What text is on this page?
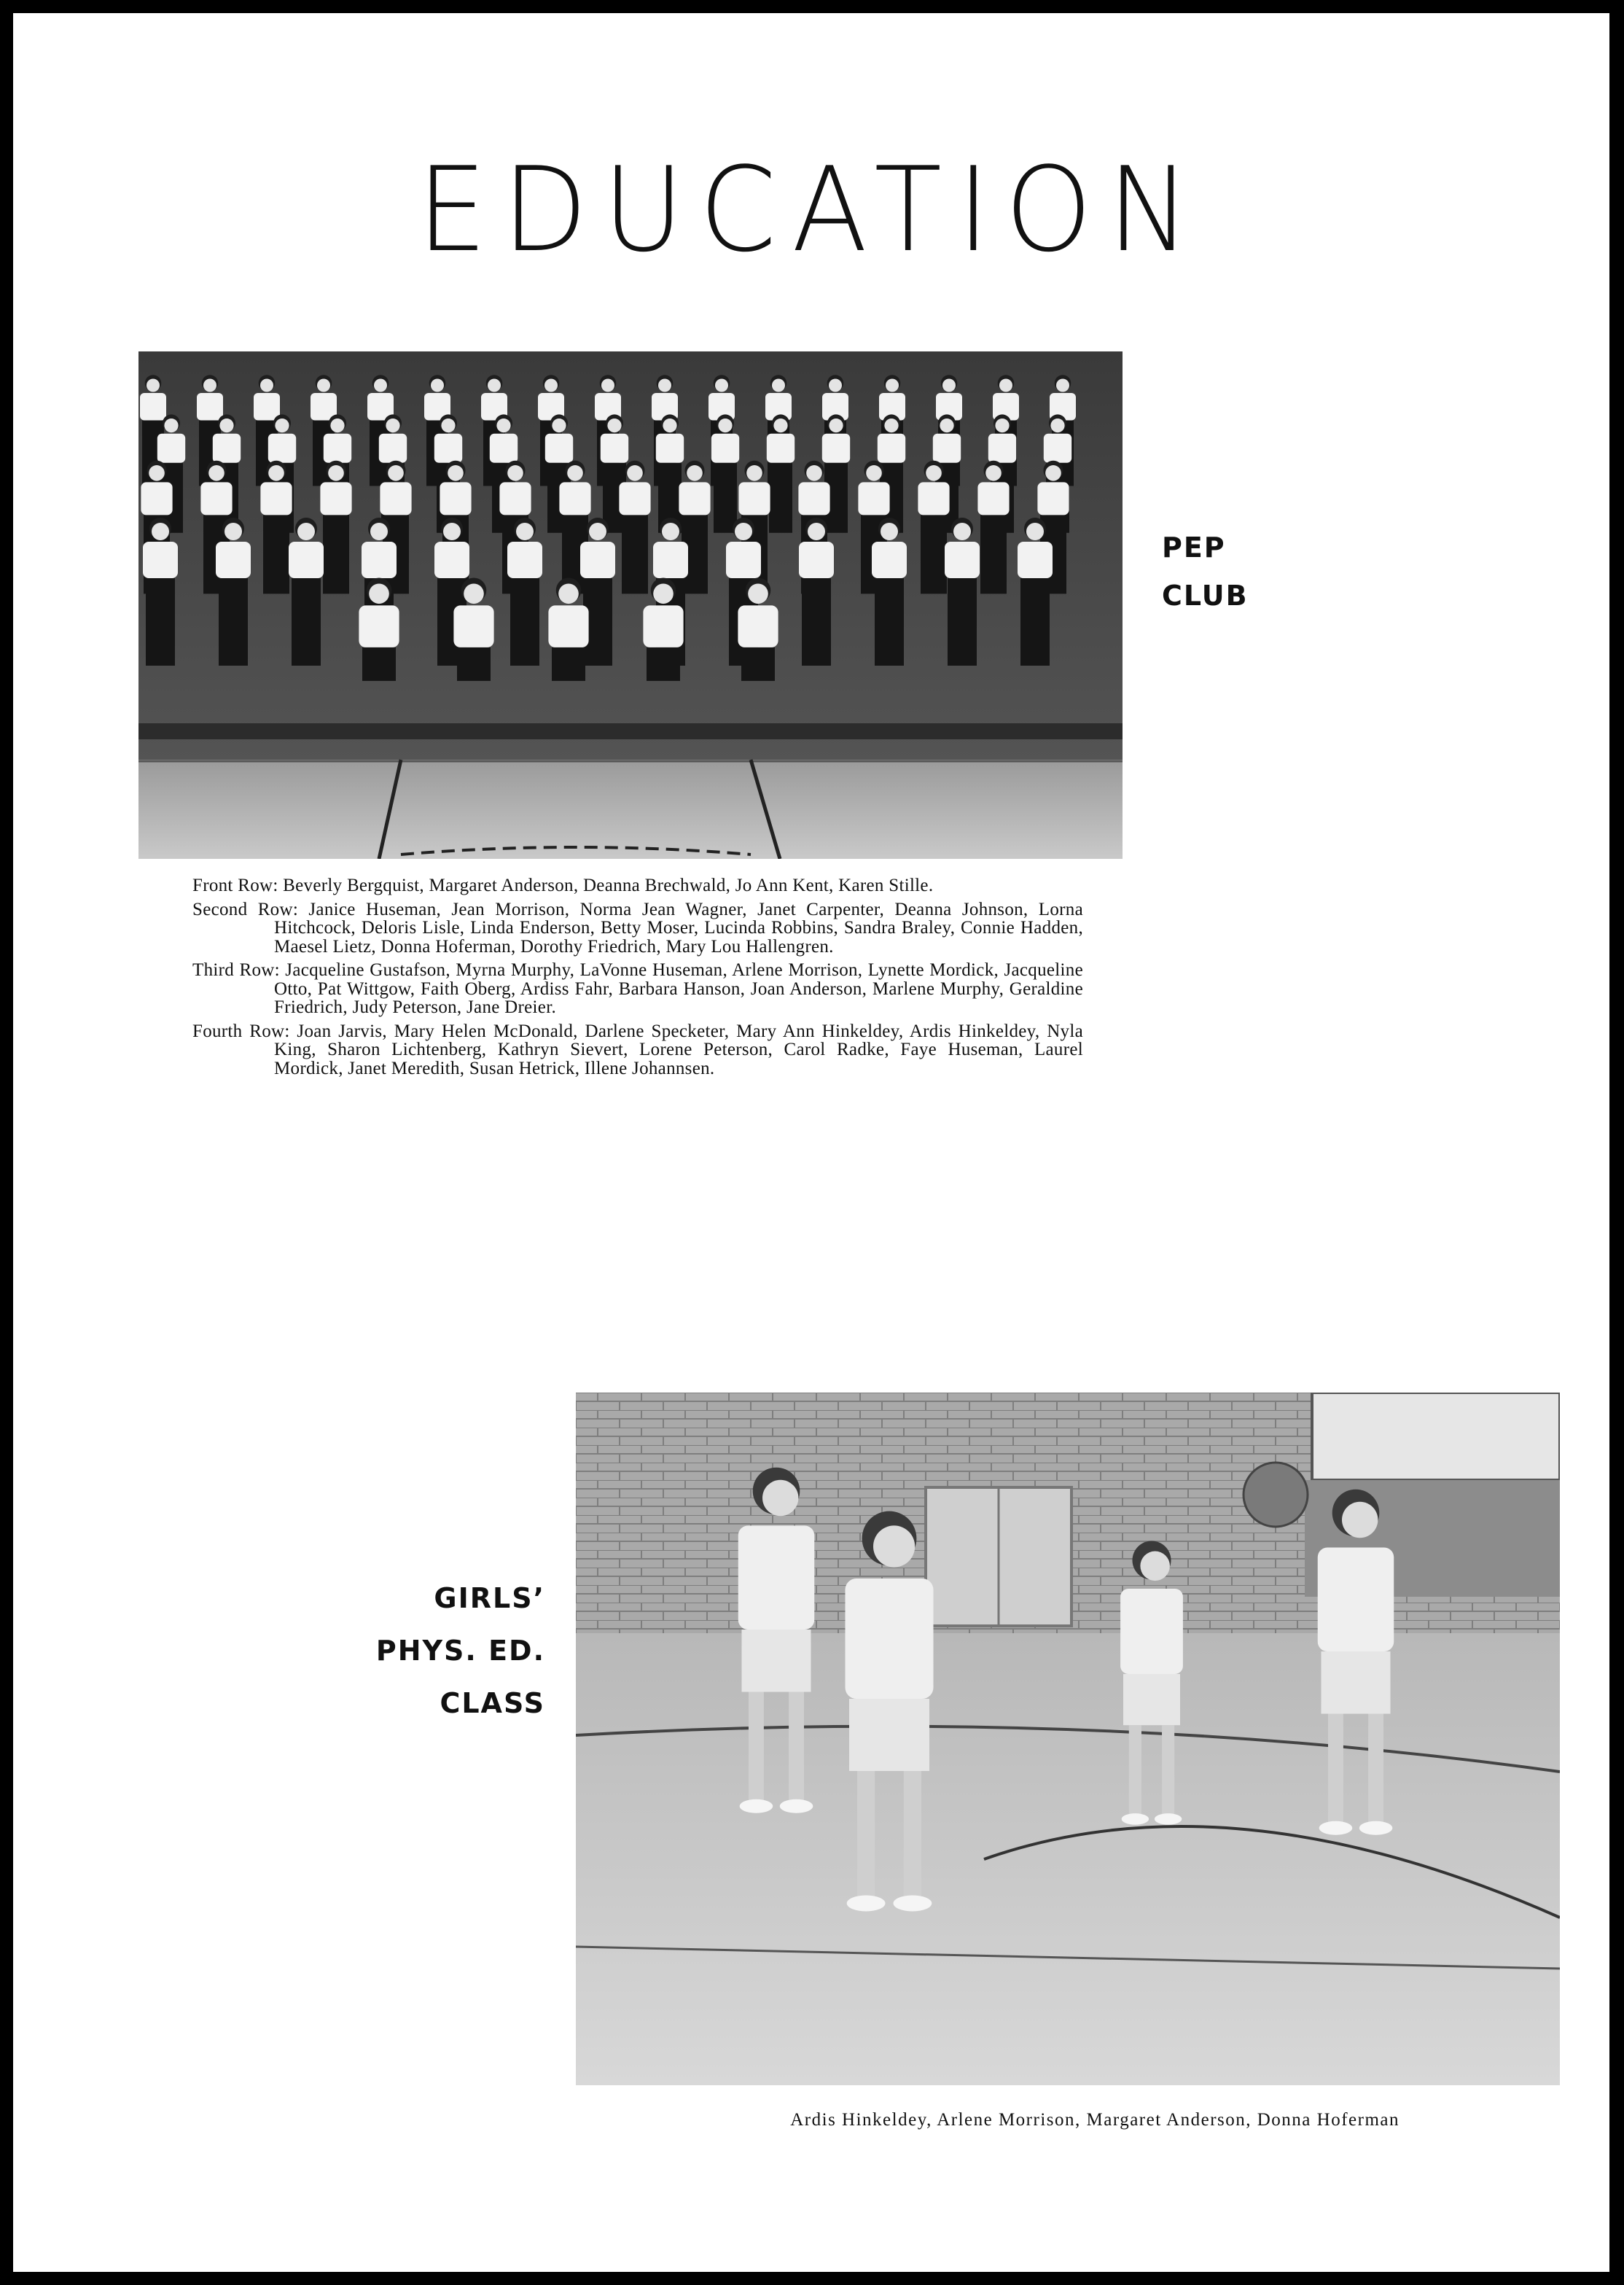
EDUCATION
PEP
CLUB

Front Row: Beverly Bergquist, Margaret Anderson, Deanna Brechwald, Jo Ann Kent, Karen Stille.

Second Row: Janice Huseman, Jean Morrison, Norma Jean Wagner, Janet Carpenter, Deanna Johnson, Lorna Hitchcock, Deloris Lisle, Linda Enderson, Betty Moser, Lucinda Robbins, Sandra Braley, Connie Hadden, Maesel Lietz, Donna Hoferman, Dorothy Friedrich, Mary Lou Hallengren.

Third Row: Jacqueline Gustafson, Myrna Murphy, LaVonne Huseman, Arlene Morrison, Lynette Mordick, Jacqueline Otto, Pat Wittgow, Faith Oberg, Ardiss Fahr, Barbara Hanson, Joan Anderson, Marlene Murphy, Geraldine Friedrich, Judy Peterson, Jane Dreier.

Fourth Row: Joan Jarvis, Mary Helen McDonald, Darlene Specketer, Mary Ann Hinkeldey, Ardis Hinkeldey, Nyla King, Sharon Lichtenberg, Kathryn Sievert, Lorene Peterson, Carol Radke, Faye Huseman, Laurel Mordick, Janet Meredith, Susan Hetrick, Illene Johannsen.

GIRLS’
PHYS. ED.
CLASS
Ardis Hinkeldey, Arlene Morrison, Margaret Anderson, Donna Hoferman
